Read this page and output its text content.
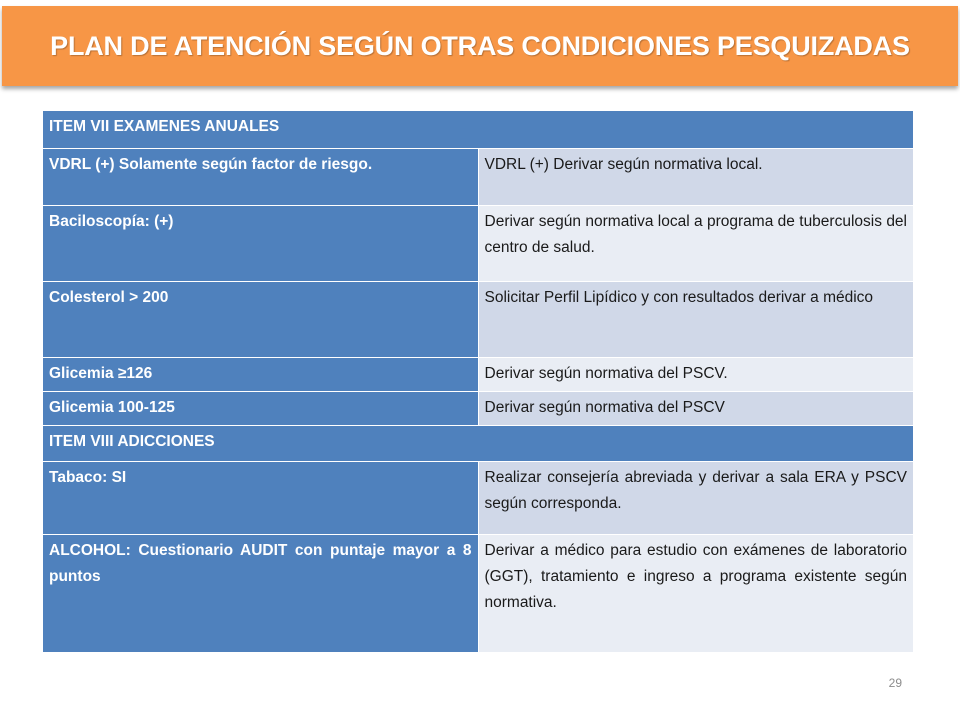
PLAN DE ATENCIÓN SEGÚN OTRAS CONDICIONES PESQUIZADAS
ITEM VII EXAMENES ANUALES	
VDRL (+) Solamente según factor de riesgo.	VDRL (+) Derivar según normativa local.
Baciloscopía: (+)	Derivar según normativa local a programa de tuberculosis del centro de salud.
Colesterol > 200	Solicitar Perfil Lipídico y con resultados derivar a médico
Glicemia ≥126	Derivar según normativa del PSCV.
Glicemia 100-125	Derivar según normativa del PSCV
ITEM VIII ADICCIONES	
Tabaco: SI	Realizar consejería abreviada y derivar a sala ERA y PSCV según corresponda.
ALCOHOL: Cuestionario AUDIT con puntaje mayor a 8 puntos	Derivar a médico para estudio con exámenes de laboratorio (GGT), tratamiento e ingreso a programa existente según normativa.
29
